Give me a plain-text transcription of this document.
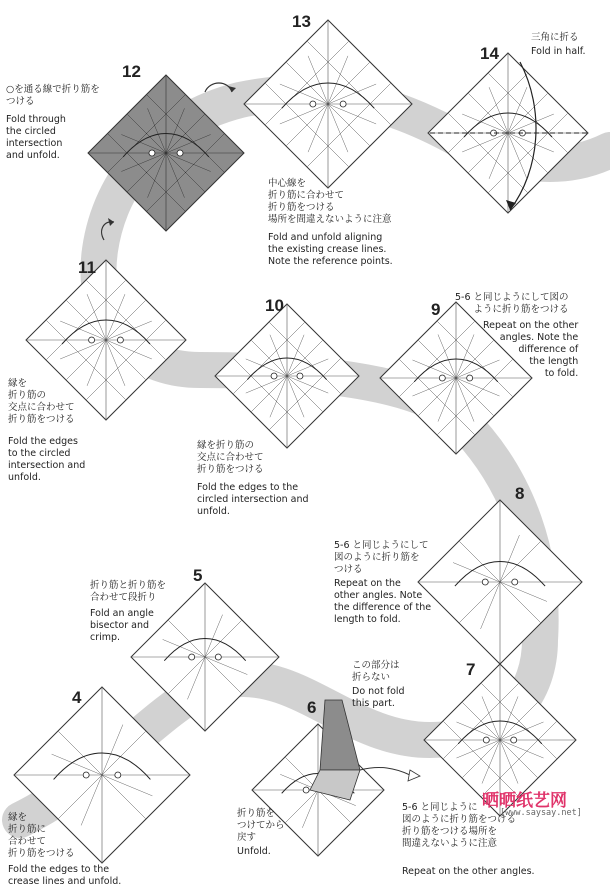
12
13
14
11
10	9
8
5
4
6
7
○を通る線で折り筋を
つける
Fold through
the circled
intersection
and unfold.
中心線を
折り筋に合わせて
折り筋をつける
場所を間違えないように注意
Fold and unfold aligning
the existing crease lines.
Note the reference points.
三角に折る
Fold in half.
縁を
折り筋の
交点に合わせて
折り筋をつける
Fold the edges
to the circled
intersection and
unfold.
縁を折り筋の
交点に合わせて
折り筋をつける
Fold the edges to the
circled intersection and
unfold.
5-6 と同じようにして図の
ように折り筋をつける
Repeat on the other
angles. Note the
difference of
the length
to fold.
5-6 と同じようにして
図のように折り筋を
つける
Repeat on the
other angles. Note
the difference of the
length to fold.
折り筋と折り筋を
合わせて段折り
Fold an angle
bisector and
crimp.
この部分は
折らない
Do not fold
this part.
折り筋を
つけてから
戻す
Unfold.
縁を
折り筋に
合わせて
折り筋をつける
Fold the edges to the
crease lines and unfold.
5-6 と同じように
図のように折り筋をつける
折り筋をつける場所を
間違えないように注意
Repeat on the other angles.
晒晒纸艺网
[www.saysay.net]
